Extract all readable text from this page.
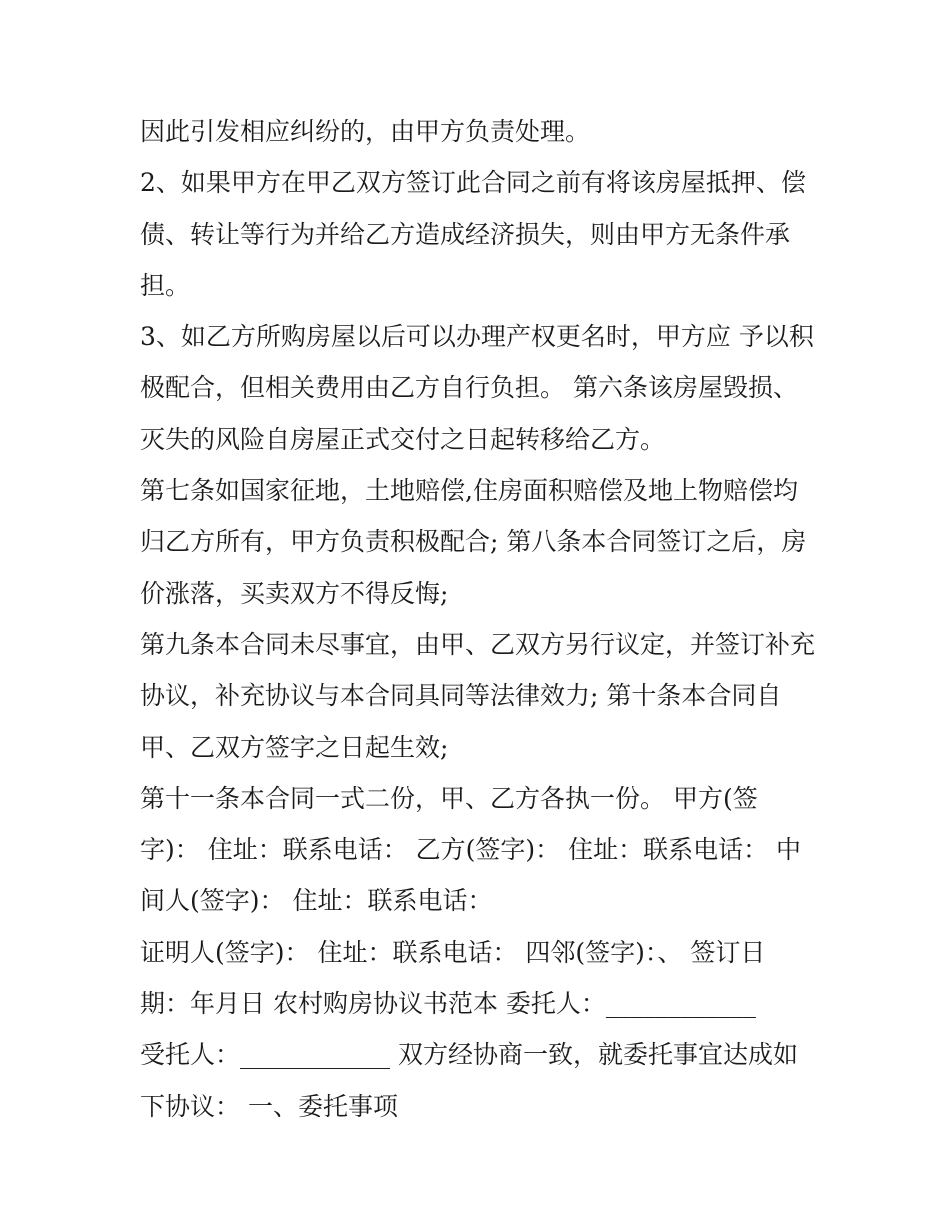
因此引发相应纠纷的，由甲方负责处理。
2、如果甲方在甲乙双方签订此合同之前有将该房屋抵押、偿
债、转让等行为并给乙方造成经济损失，则由甲方无条件承
担。
3、如乙方所购房屋以后可以办理产权更名时，甲方应 予以积
极配合，但相关费用由乙方自行负担。 第六条该房屋毁损、
灭失的风险自房屋正式交付之日起转移给乙方。
第七条如国家征地，土地赔偿,住房面积赔偿及地上物赔偿均
归乙方所有，甲方负责积极配合; 第八条本合同签订之后，房
价涨落，买卖双方不得反悔;
第九条本合同未尽事宜，由甲、乙双方另行议定，并签订补充
协议，补充协议与本合同具同等法律效力; 第十条本合同自
甲、乙双方签字之日起生效;
第十一条本合同一式二份，甲、乙方各执一份。 甲方(签
字)： 住址：联系电话： 乙方(签字)： 住址：联系电话： 中
间人(签字)： 住址：联系电话：
证明人(签字)： 住址：联系电话： 四邻(签字)：、 签订日
期：年月日 农村购房协议书范本 委托人：____________
受托人：____________ 双方经协商一致，就委托事宜达成如
下协议： 一、委托事项
